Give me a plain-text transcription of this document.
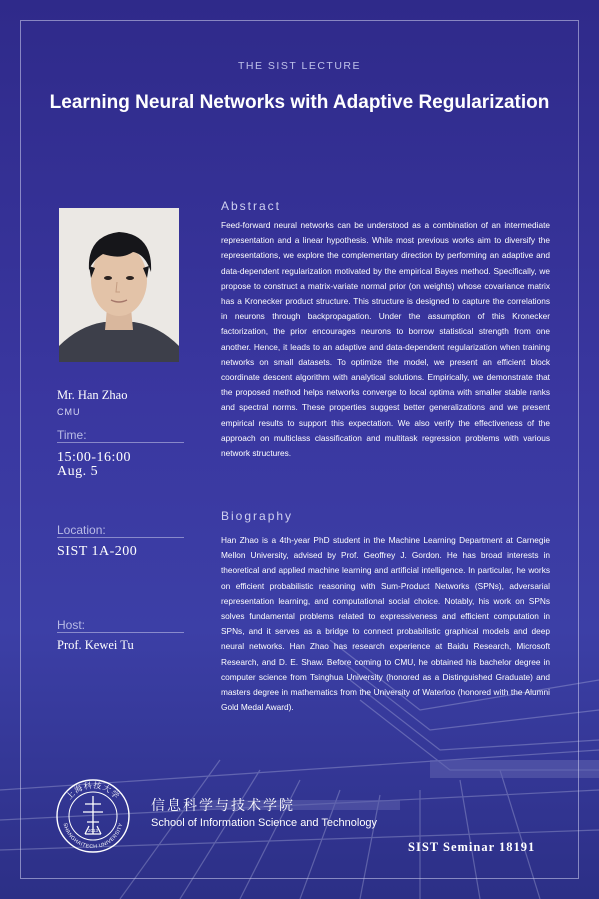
THE SIST LECTURE
Learning Neural Networks with Adaptive Regularization
Mr. Han Zhao
CMU
Time:
15:00-16:00
Aug. 5
Location:
SIST 1A-200
Host:
Prof. Kewei Tu
Abstract
Feed-forward neural networks can be understood as a combination of an intermediate representation and a linear hypothesis. While most previous works aim to diversify the representations, we explore the complementary direction by performing an adaptive and data-dependent regularization motivated by the empirical Bayes method. Specifically, we propose to construct a matrix-variate normal prior (on weights) whose covariance matrix has a Kronecker product structure. This structure is designed to capture the correlations in neurons through backpropagation. Under the assumption of this Kronecker factorization, the prior encourages neurons to borrow statistical strength from one another. Hence, it leads to an adaptive and data-dependent regularization when training networks on small datasets. To optimize the model, we present an efficient block coordinate descent algorithm with analytical solutions. Empirically, we demonstrate that the proposed method helps networks converge to local optima with smaller stable ranks and spectral norms. These properties suggest better generalizations and we present empirical results to support this expectation. We also verify the effectiveness of the approach on multiclass classification and multitask regression problems with various network structures.
Biography
Han Zhao is a 4th-year PhD student in the Machine Learning Department at Carnegie Mellon University, advised by Prof. Geoffrey J. Gordon. He has broad interests in theoretical and applied machine learning and artificial intelligence. In particular, he works on efficient probabilistic reasoning with Sum-Product Networks (SPNs), adversarial representation learning, and computational social choice. Notably, his work on SPNs solves fundamental problems related to expressiveness and efficient computation in SPNs, and it serves as a bridge to connect probabilistic graphical models and deep neural networks. Han Zhao has research experience at Baidu Research, Microsoft Research, and D. E. Shaw. Before coming to CMU, he obtained his bachelor degree in computer science from Tsinghua University (honored as a Distinguished Graduate) and masters degree in mathematics from the University of Waterloo (honored with the Alumni Gold Medal Award).
2013
上海科技大学
SHANGHAITECH UNIVERSITY
信息科学与技术学院
School of Information Science and Technology
SIST Seminar 18191
